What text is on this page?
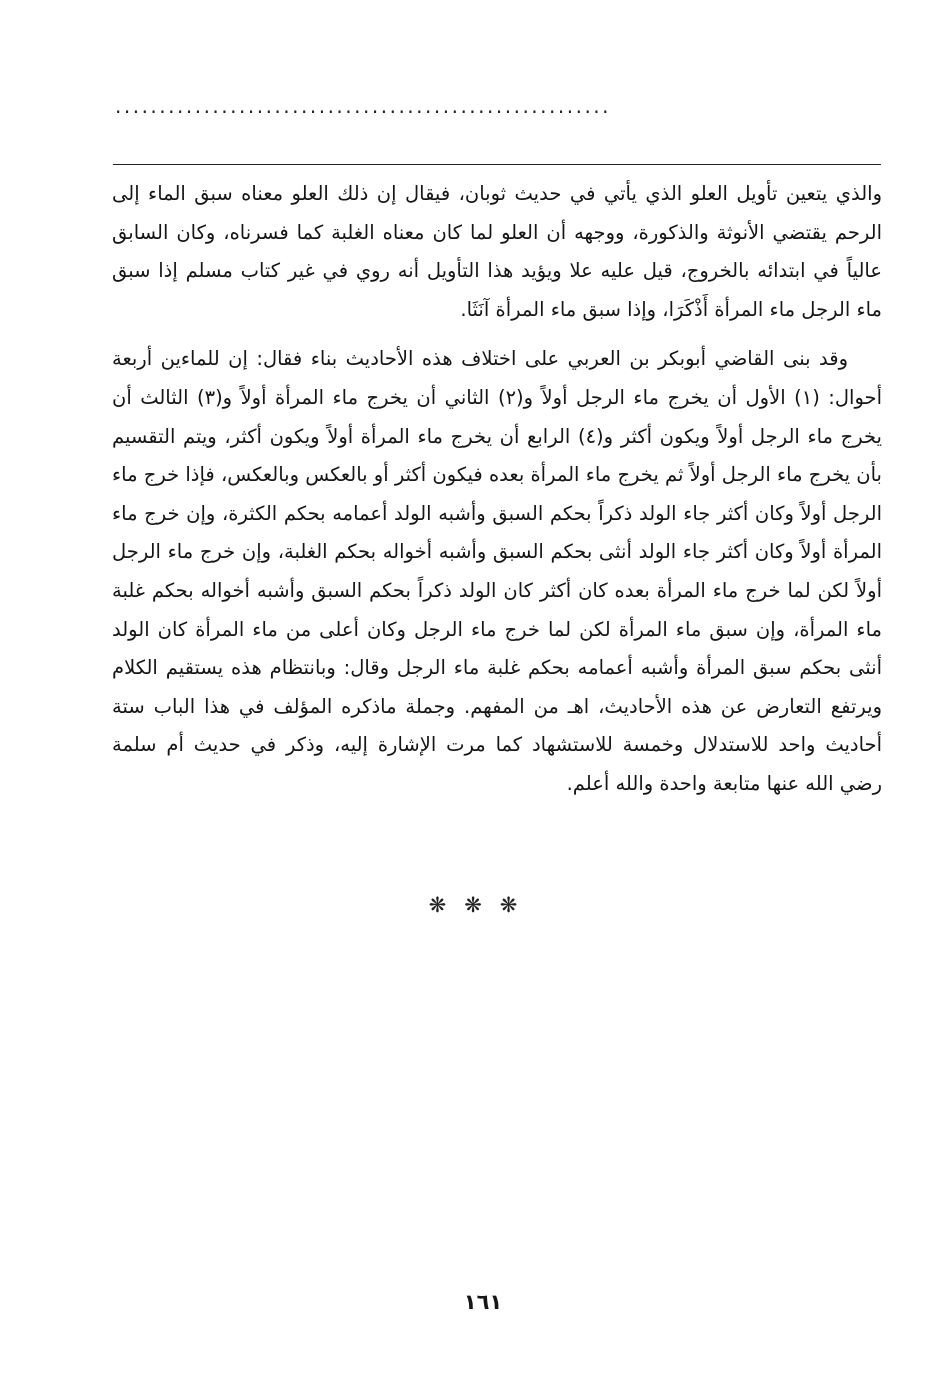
........................................................

والذي يتعين تأويل العلو الذي يأتي في حديث ثوبان، فيقال إن ذلك العلو معناه سبق الماء إلى الرحم يقتضي الأنوثة والذكورة، ووجهه أن العلو لما كان معناه الغلبة كما فسرناه، وكان السابق عالياً في ابتدائه بالخروج، قيل عليه علا ويؤيد هذا التأويل أنه روي في غير كتاب مسلم إذا سبق ماء الرجل ماء المرأة أَذْكَرَا، وإذا سبق ماء المرأة آنَثَا.

وقد بنى القاضي أبوبكر بن العربي على اختلاف هذه الأحاديث بناء فقال: إن للماءين أربعة أحوال: (١) الأول أن يخرج ماء الرجل أولاً و(٢) الثاني أن يخرج ماء المرأة أولاً و(٣) الثالث أن يخرج ماء الرجل أولاً ويكون أكثر و(٤) الرابع أن يخرج ماء المرأة أولاً ويكون أكثر، ويتم التقسيم بأن يخرج ماء الرجل أولاً ثم يخرج ماء المرأة بعده فيكون أكثر أو بالعكس وبالعكس، فإذا خرج ماء الرجل أولاً وكان أكثر جاء الولد ذكراً بحكم السبق وأشبه الولد أعمامه بحكم الكثرة، وإن خرج ماء المرأة أولاً وكان أكثر جاء الولد أنثى بحكم السبق وأشبه أخواله بحكم الغلبة، وإن خرج ماء الرجل أولاً لكن لما خرج ماء المرأة بعده كان أكثر كان الولد ذكراً بحكم السبق وأشبه أخواله بحكم غلبة ماء المرأة، وإن سبق ماء المرأة لكن لما خرج ماء الرجل وكان أعلى من ماء المرأة كان الولد أنثى بحكم سبق المرأة وأشبه أعمامه بحكم غلبة ماء الرجل وقال: وبانتظام هذه يستقيم الكلام ويرتفع التعارض عن هذه الأحاديث، اهـ من المفهم. وجملة ماذكره المؤلف في هذا الباب ستة أحاديث واحد للاستدلال وخمسة للاستشهاد كما مرت الإشارة إليه، وذكر في حديث أم سلمة رضي الله عنها متابعة واحدة والله أعلم.

❋❋❋
١٦١
